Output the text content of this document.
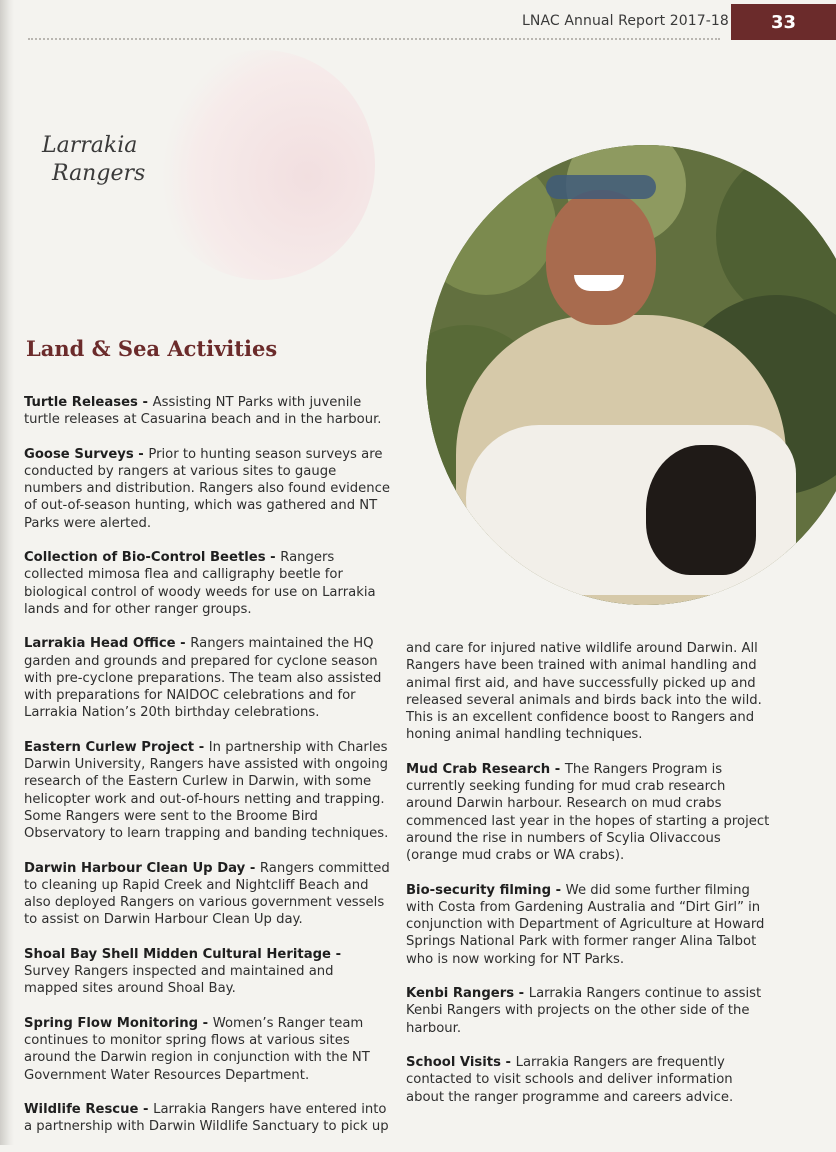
LNAC Annual Report 2017-18	33
Larrakia
Rangers
Land & Sea Activities

Turtle Releases - Assisting NT Parks with juvenile turtle releases at Casuarina beach and in the harbour.

Goose Surveys - Prior to hunting season surveys are conducted by rangers at various sites to gauge numbers and distribution. Rangers also found evidence of out-of-season hunting, which was gathered and NT Parks were alerted.

Collection of Bio-Control Beetles - Rangers collected mimosa flea and calligraphy beetle for biological control of woody weeds for use on Larrakia lands and for other ranger groups.

Larrakia Head Office - Rangers maintained the HQ garden and grounds and prepared for cyclone season with pre-cyclone preparations. The team also assisted with preparations for NAIDOC celebrations and for Larrakia Nation’s 20th birthday celebrations.

Eastern Curlew Project - In partnership with Charles Darwin University, Rangers have assisted with ongoing research of the Eastern Curlew in Darwin, with some helicopter work and out-of-hours netting and trapping. Some Rangers were sent to the Broome Bird Observatory to learn trapping and banding techniques.

Darwin Harbour Clean Up Day - Rangers committed to cleaning up Rapid Creek and Nightcliff Beach and also deployed Rangers on various government vessels to assist on Darwin Harbour Clean Up day.

Shoal Bay Shell Midden Cultural Heritage - Survey Rangers inspected and maintained and mapped sites around Shoal Bay.

Spring Flow Monitoring - Women’s Ranger team continues to monitor spring flows at various sites around the Darwin region in conjunction with the NT Government Water Resources Department.

Wildlife Rescue - Larrakia Rangers have entered into a partnership with Darwin Wildlife Sanctuary to pick up

and care for injured native wildlife around Darwin. All Rangers have been trained with animal handling and animal first aid, and have successfully picked up and released several animals and birds back into the wild. This is an excellent confidence boost to Rangers and honing animal handling techniques.

Mud Crab Research - The Rangers Program is currently seeking funding for mud crab research around Darwin harbour. Research on mud crabs commenced last year in the hopes of starting a project around the rise in numbers of Scylia Olivaccous (orange mud crabs or WA crabs).

Bio-security filming - We did some further filming with Costa from Gardening Australia and “Dirt Girl” in conjunction with Department of Agriculture at Howard Springs National Park with former ranger Alina Talbot who is now working for NT Parks.

Kenbi Rangers - Larrakia Rangers continue to assist Kenbi Rangers with projects on the other side of the harbour.

School Visits - Larrakia Rangers are frequently contacted to visit schools and deliver information about the ranger programme and careers advice.
